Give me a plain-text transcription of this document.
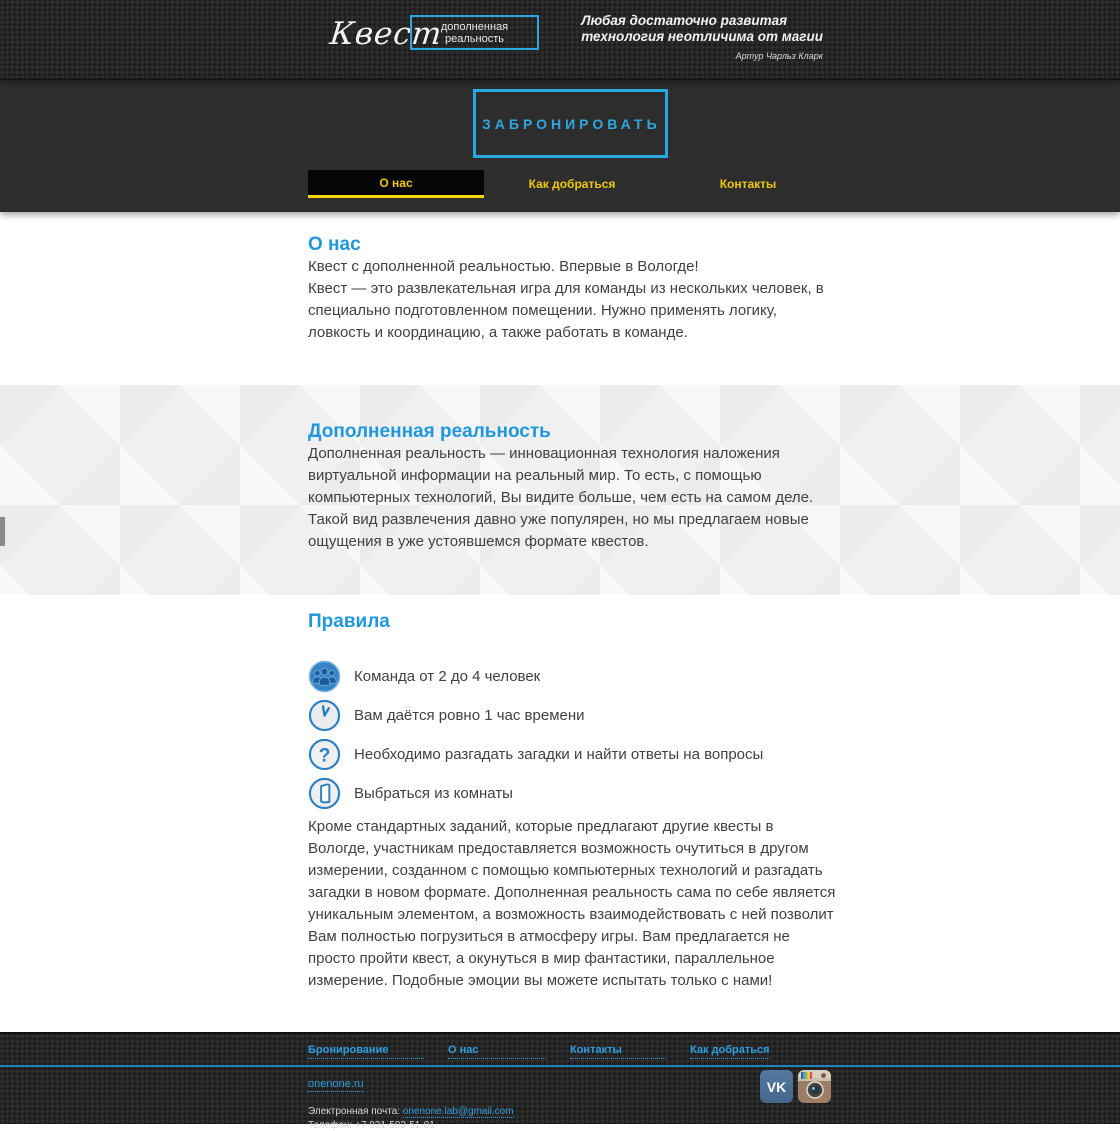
Квест
дополненная реальность
Любая достаточно развитая
технология неотличима от магии
Артур Чарльз Кларк
ЗАБРОНИРОВАТЬ
О нас	Как добраться	Контакты
О нас

Квест с дополненной реальностью. Впервые в Вологде!

Квест — это развлекательная игра для команды из нескольких человек, в специально подготовленном помещении. Нужно применять логику, ловкость и координацию, а также работать в команде.

Дополненная реальность

Дополненная реальность — инновационная технология наложения виртуальной информации на реальный мир. То есть, с помощью компьютерных технологий, Вы видите больше, чем есть на самом деле.

Такой вид развлечения давно уже популярен, но мы предлагаем новые ощущения в уже устоявшемся формате квестов.

Правила
Команда от 2 до 4 человек
Вам даётся ровно 1 час времени
? Необходимо разгадать загадки и найти ответы на вопросы
Выбраться из комнаты

Кроме стандартных заданий, которые предлагают другие квесты в Вологде, участникам предоставляется возможность очутиться в другом измерении, созданном с помощью компьютерных технологий и разгадать загадки в новом формате. Дополненная реальность сама по себе является уникальным элементом, а возможность взаимодействовать с ней позволит Вам полностью погрузиться в атмосферу игры. Вам предлагается не просто пройти квест, а окунуться в мир фантастики, параллельное измерение. Подобные эмоции вы можете испытать только с нами!

Бронирование	О нас	Контакты	Как добраться
onenone.ru
Электронная почта: onenone.lab@gmail.com
Телефон: +7 931-503-51-01
VK
